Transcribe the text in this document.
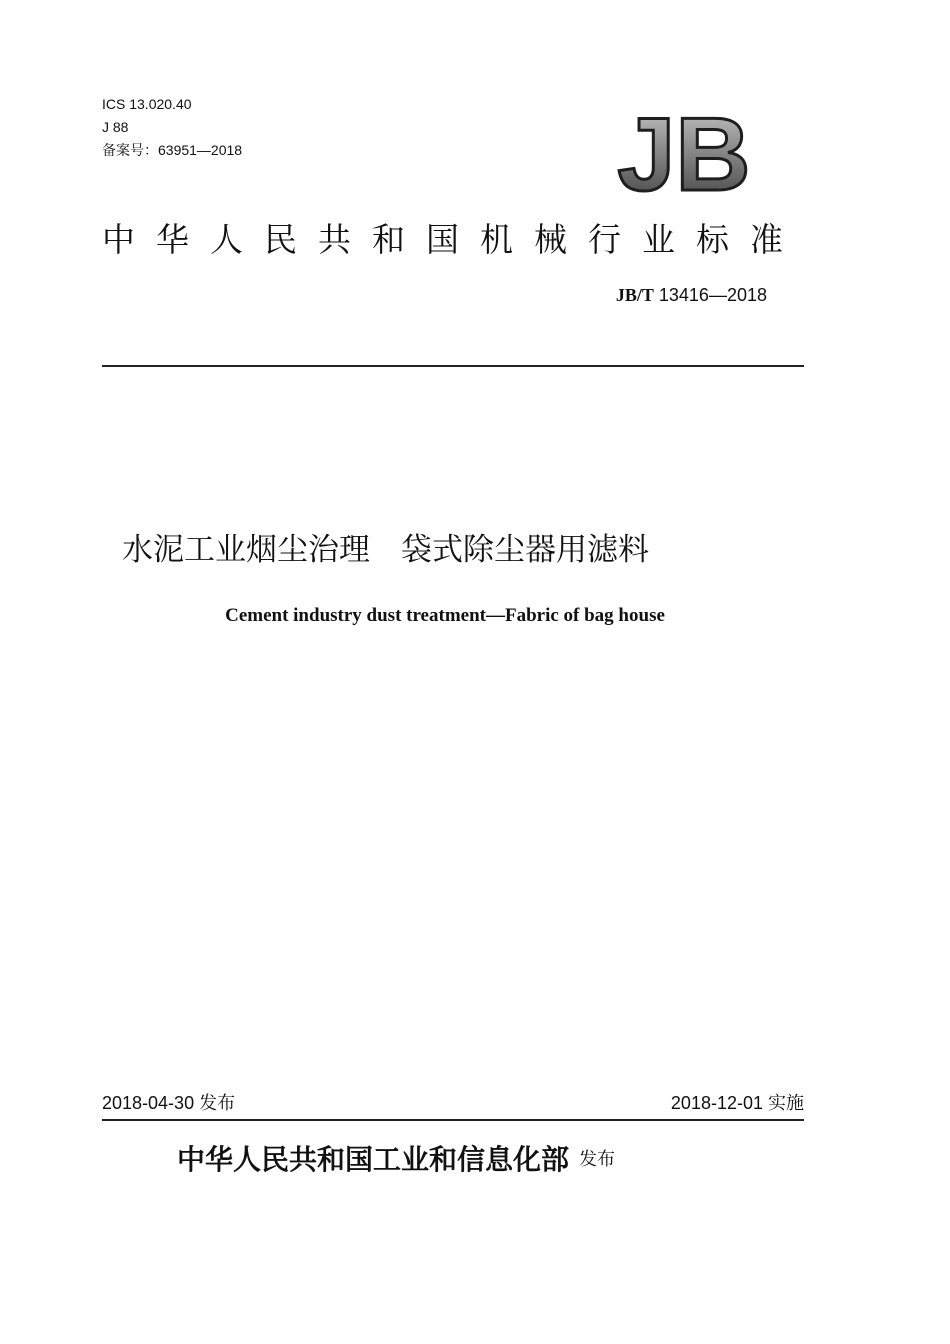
ICS 13.020.40
J 88
备案号：63951—2018	JB
中华人民共和国机械行业标准
JB/T 13416—2018
水泥工业烟尘治理　袋式除尘器用滤料
Cement industry dust treatment—Fabric of bag house
2018-04-30 发布	2018-12-01 实施
中华人民共和国工业和信息化部 发布
